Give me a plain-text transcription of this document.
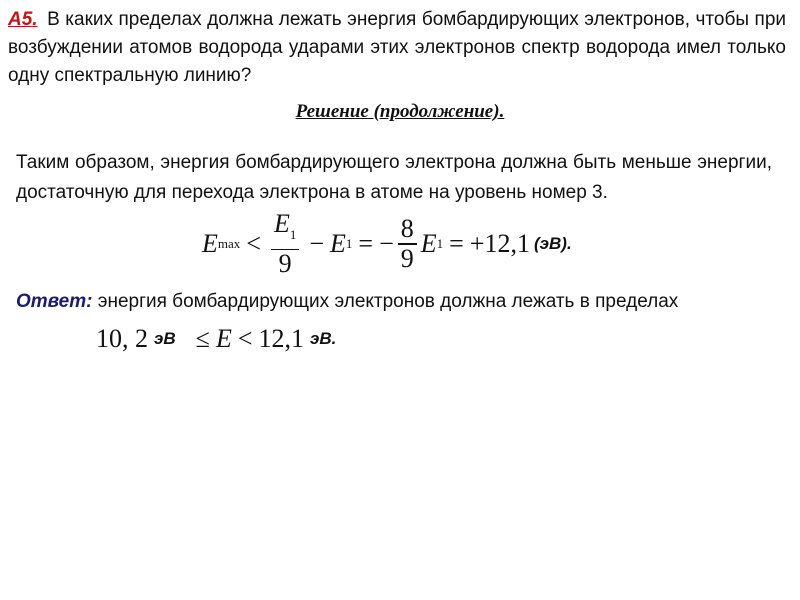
А5. В каких пределах должна лежать энергия бомбардирующих электронов, чтобы при возбуждении атомов водорода ударами этих электронов спектр водорода имел только одну спектральную линию?
Решение (продолжение).
Таким образом, энергия бомбардирующего электрона должна быть меньше энергии, достаточную для перехода электрона в атоме на уровень номер 3.
E $\max < \frac{E_1}{9} - E$ 1 = − $\frac{8}{9}$ E 1 = +12,1 (эВ).
Ответ: энергия бомбардирующих электронов должна лежать в пределах
10, 2 эВ ≤ E < 12,1 эВ.
